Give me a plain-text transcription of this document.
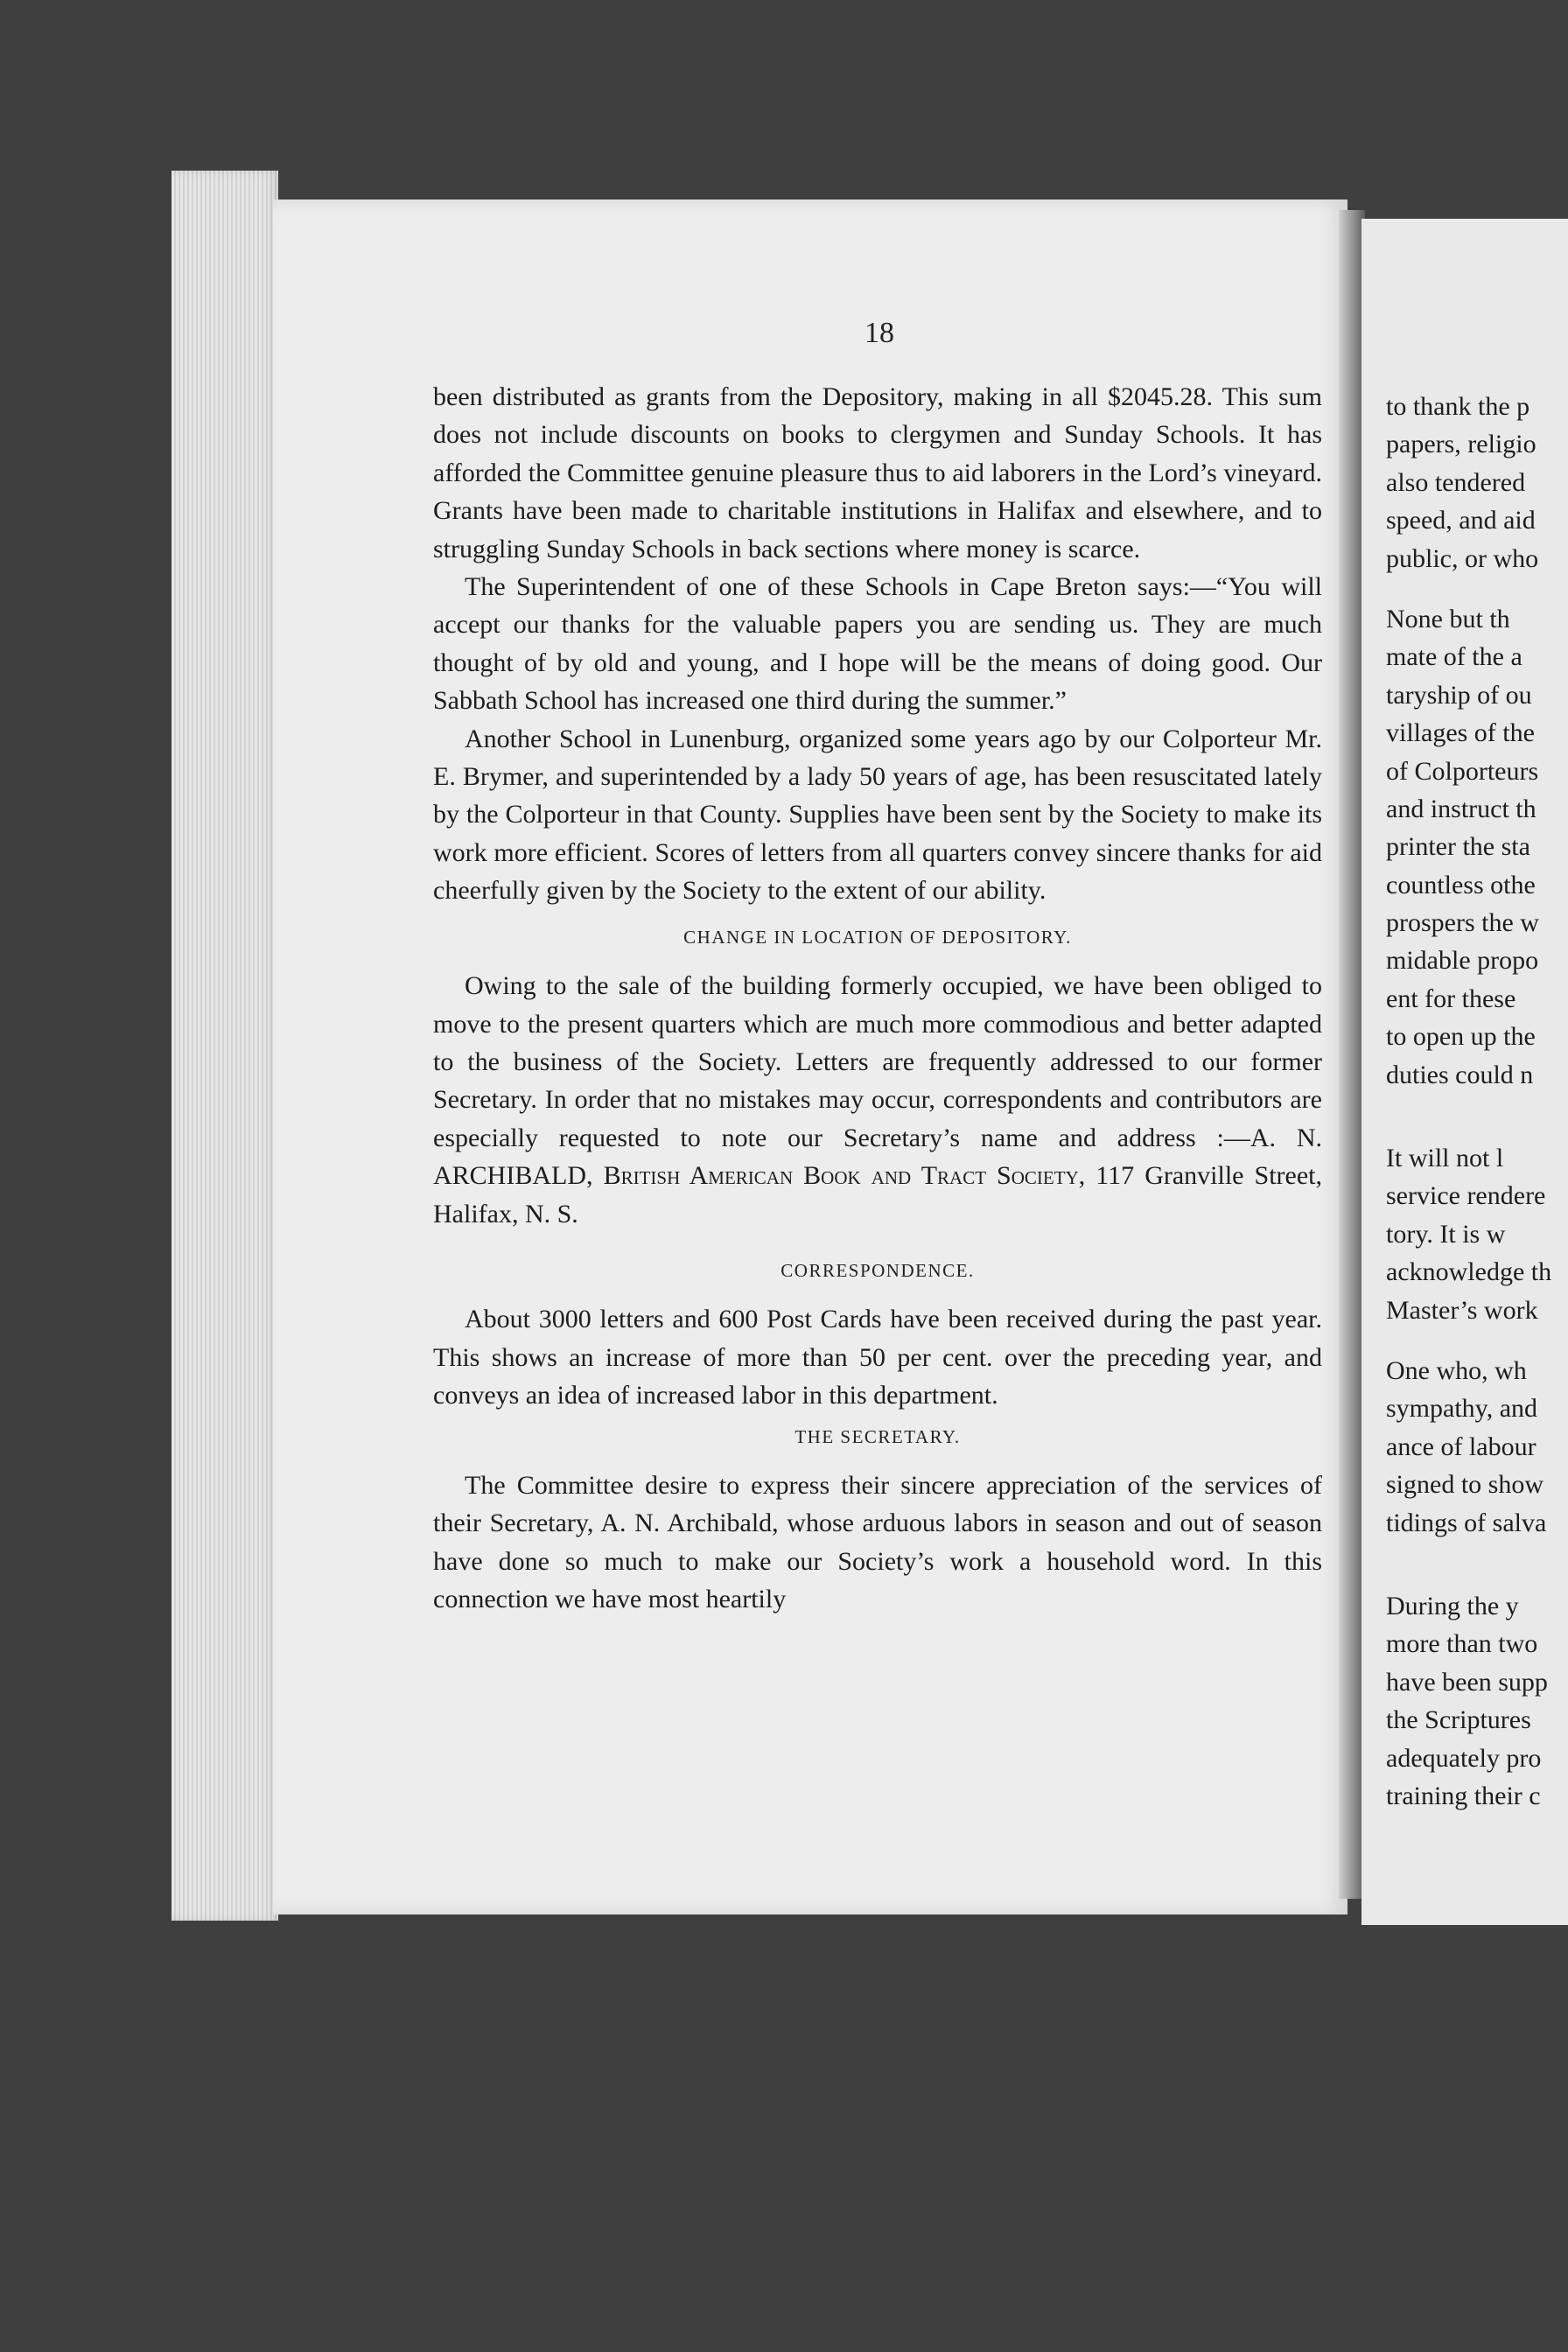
to thank the p
papers, religio
also tendered
speed, and aid
public, or who
None but th
mate of the a
taryship of ou
villages of the
of Colporteurs
and instruct th
printer the sta
countless othe
prospers the w
midable propo
ent for these
to open up the
duties could n
It will not l
service rendere
tory. It is w
acknowledge th
Master’s work
One who, wh
sympathy, and
ance of labour
signed to show
tidings of salva
During the y
more than two
have been supp
the Scriptures
adequately pro
training their c
18

been distributed as grants from the Depository, making in all $2045.28. This sum does not include discounts on books to clergymen and Sunday Schools. It has afforded the Committee genuine pleasure thus to aid laborers in the Lord’s vineyard. Grants have been made to charitable institutions in Halifax and elsewhere, and to struggling Sunday Schools in back sections where money is scarce.

The Superintendent of one of these Schools in Cape Breton says:—“You will accept our thanks for the valuable papers you are sending us. They are much thought of by old and young, and I hope will be the means of doing good. Our Sabbath School has increased one third during the summer.”

Another School in Lunenburg, organized some years ago by our Colporteur Mr. E. Brymer, and superintended by a lady 50 years of age, has been resuscitated lately by the Colporteur in that County. Supplies have been sent by the Society to make its work more efficient. Scores of letters from all quarters convey sincere thanks for aid cheerfully given by the Society to the extent of our ability.

CHANGE IN LOCATION OF DEPOSITORY.

Owing to the sale of the building formerly occupied, we have been obliged to move to the present quarters which are much more commodious and better adapted to the business of the Society. Letters are frequently addressed to our former Secretary. In order that no mistakes may occur, correspondents and contributors are especially requested to note our Secretary’s name and address :—A. N. ARCHIBALD, British American Book and Tract Society, 117 Granville Street, Halifax, N. S.

CORRESPONDENCE.

About 3000 letters and 600 Post Cards have been received during the past year. This shows an increase of more than 50 per cent. over the preceding year, and conveys an idea of increased labor in this department.

THE SECRETARY.

The Committee desire to express their sincere appreciation of the services of their Secretary, A. N. Archibald, whose arduous labors in season and out of season have done so much to make our Society’s work a household word. In this connection we have most heartily
